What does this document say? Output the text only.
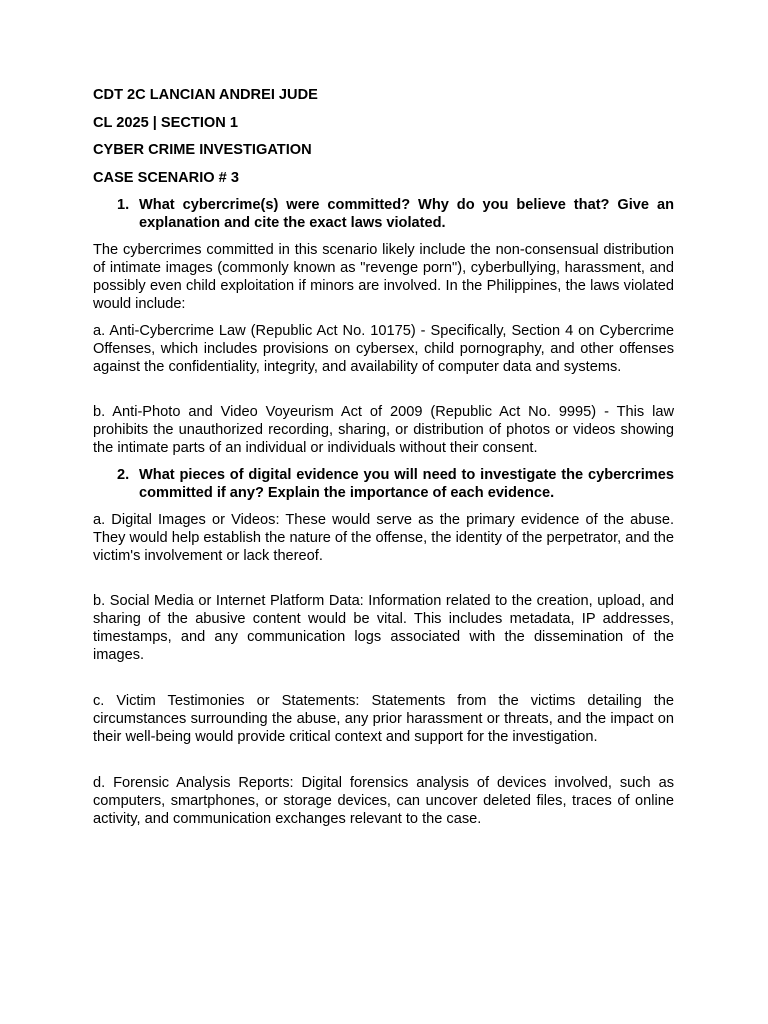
CDT 2C LANCIAN ANDREI JUDE
CL 2025 | SECTION 1
CYBER CRIME INVESTIGATION
CASE SCENARIO # 3
1. What cybercrime(s) were committed? Why do you believe that? Give an explanation and cite the exact laws violated.
The cybercrimes committed in this scenario likely include the non-consensual distribution of intimate images (commonly known as "revenge porn"), cyberbullying, harassment, and possibly even child exploitation if minors are involved. In the Philippines, the laws violated would include:
a. Anti-Cybercrime Law (Republic Act No. 10175) - Specifically, Section 4 on Cybercrime Offenses, which includes provisions on cybersex, child pornography, and other offenses against the confidentiality, integrity, and availability of computer data and systems.
b. Anti-Photo and Video Voyeurism Act of 2009 (Republic Act No. 9995) - This law prohibits the unauthorized recording, sharing, or distribution of photos or videos showing the intimate parts of an individual or individuals without their consent.
2. What pieces of digital evidence you will need to investigate the cybercrimes committed if any? Explain the importance of each evidence.
a. Digital Images or Videos: These would serve as the primary evidence of the abuse. They would help establish the nature of the offense, the identity of the perpetrator, and the victim's involvement or lack thereof.
b. Social Media or Internet Platform Data: Information related to the creation, upload, and sharing of the abusive content would be vital. This includes metadata, IP addresses, timestamps, and any communication logs associated with the dissemination of the images.
c. Victim Testimonies or Statements: Statements from the victims detailing the circumstances surrounding the abuse, any prior harassment or threats, and the impact on their well-being would provide critical context and support for the investigation.
d. Forensic Analysis Reports: Digital forensics analysis of devices involved, such as computers, smartphones, or storage devices, can uncover deleted files, traces of online activity, and communication exchanges relevant to the case.
